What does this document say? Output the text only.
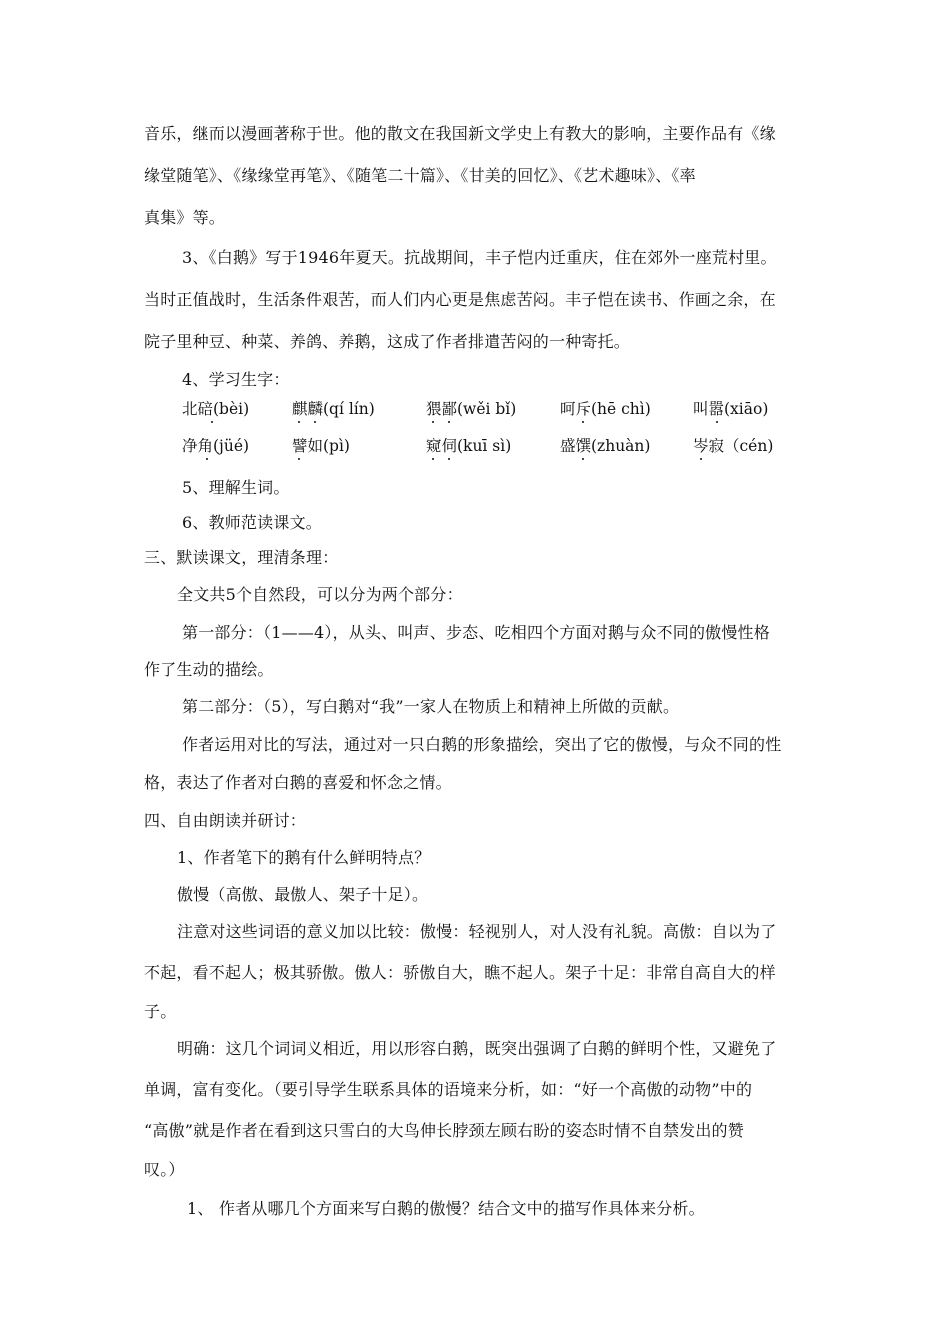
音乐，继而以漫画著称于世。他的散文在我国新文学史上有教大的影响，主要作品有《缘
缘堂随笔》、《缘缘堂再笔》、《随笔二十篇》、《甘美的回忆》、《艺术趣味》、《率
真集》等。
3、《白鹅》写于1946年夏天。抗战期间，丰子恺内迁重庆，住在郊外一座荒村里。
当时正值战时，生活条件艰苦，而人们内心更是焦虑苦闷。丰子恺在读书、作画之余，在
院子里种豆、种菜、养鸽、养鹅，这成了作者排遣苦闷的一种寄托。
4、学习生字：
北碚(bèi)	麒麟(qí lín)	猥鄙(wěi bǐ)	呵斥(hē chì)	叫嚣(xiāo)
净角(jüé)	譬如(pì)	窥伺(kuī sì)	盛馔(zhuàn)	岑寂（cén)
5、理解生词。
6、教师范读课文。
三、默读课文，理清条理：
全文共5个自然段，可以分为两个部分：
第一部分：（1——4），从头、叫声、步态、吃相四个方面对鹅与众不同的傲慢性格
作了生动的描绘。
第二部分：（5），写白鹅对“我”一家人在物质上和精神上所做的贡献。
作者运用对比的写法，通过对一只白鹅的形象描绘，突出了它的傲慢，与众不同的性
格，表达了作者对白鹅的喜爱和怀念之情。
四、自由朗读并研讨：
1、作者笔下的鹅有什么鲜明特点？
傲慢（高傲、最傲人、架子十足）。
注意对这些词语的意义加以比较：傲慢：轻视别人，对人没有礼貌。高傲：自以为了
不起，看不起人；极其骄傲。傲人：骄傲自大，瞧不起人。架子十足：非常自高自大的样
子。
明确：这几个词词义相近，用以形容白鹅，既突出强调了白鹅的鲜明个性，又避免了
单调，富有变化。（要引导学生联系具体的语境来分析，如：“好一个高傲的动物”中的
“高傲”就是作者在看到这只雪白的大鸟伸长脖颈左顾右盼的姿态时情不自禁发出的赞
叹。）
1、 作者从哪几个方面来写白鹅的傲慢？结合文中的描写作具体来分析。
